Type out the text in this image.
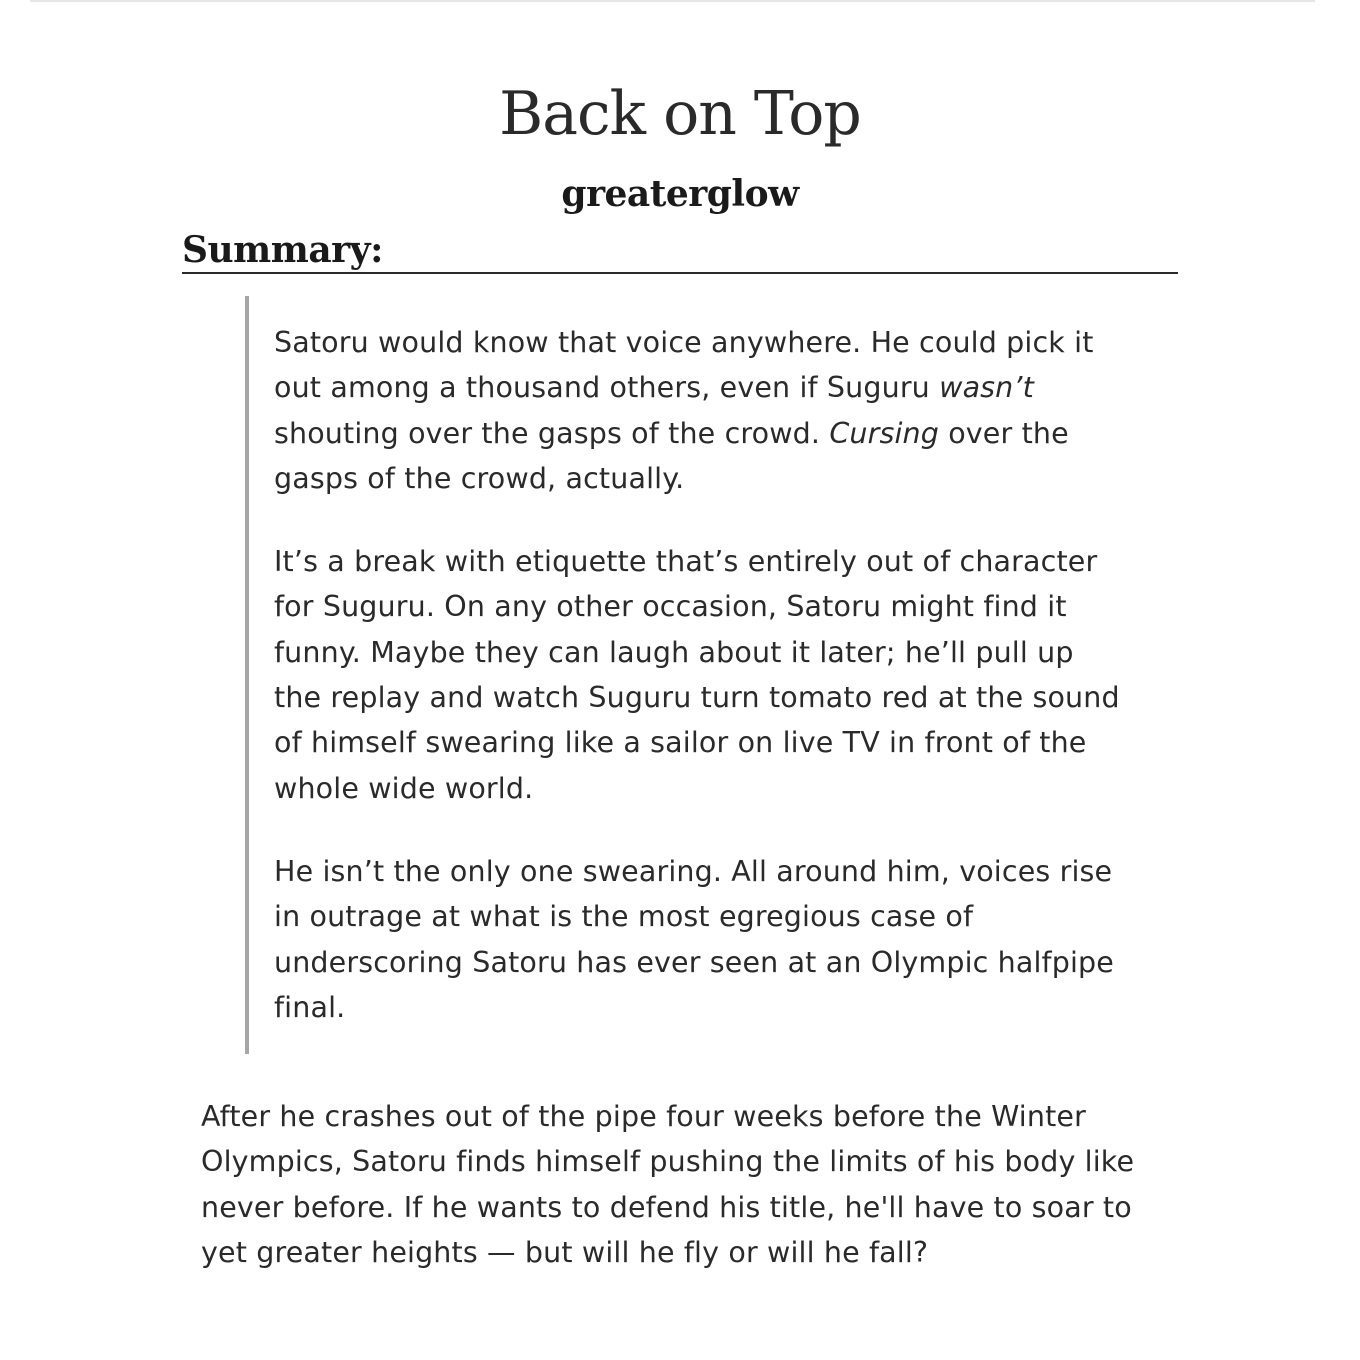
Back on Top
greaterglow
Summary:

Satoru would know that voice anywhere. He could pick it out among a thousand others, even if Suguru wasn’t shouting over the gasps of the crowd. Cursing over the gasps of the crowd, actually.

It’s a break with etiquette that’s entirely out of character for Suguru. On any other occasion, Satoru might find it funny. Maybe they can laugh about it later; he’ll pull up the replay and watch Suguru turn tomato red at the sound of himself swearing like a sailor on live TV in front of the whole wide world.

He isn’t the only one swearing. All around him, voices rise in outrage at what is the most egregious case of underscoring Satoru has ever seen at an Olympic halfpipe final.

After he crashes out of the pipe four weeks before the Winter Olympics, Satoru finds himself pushing the limits of his body like never before. If he wants to defend his title, he'll have to soar to yet greater heights — but will he fly or will he fall?
